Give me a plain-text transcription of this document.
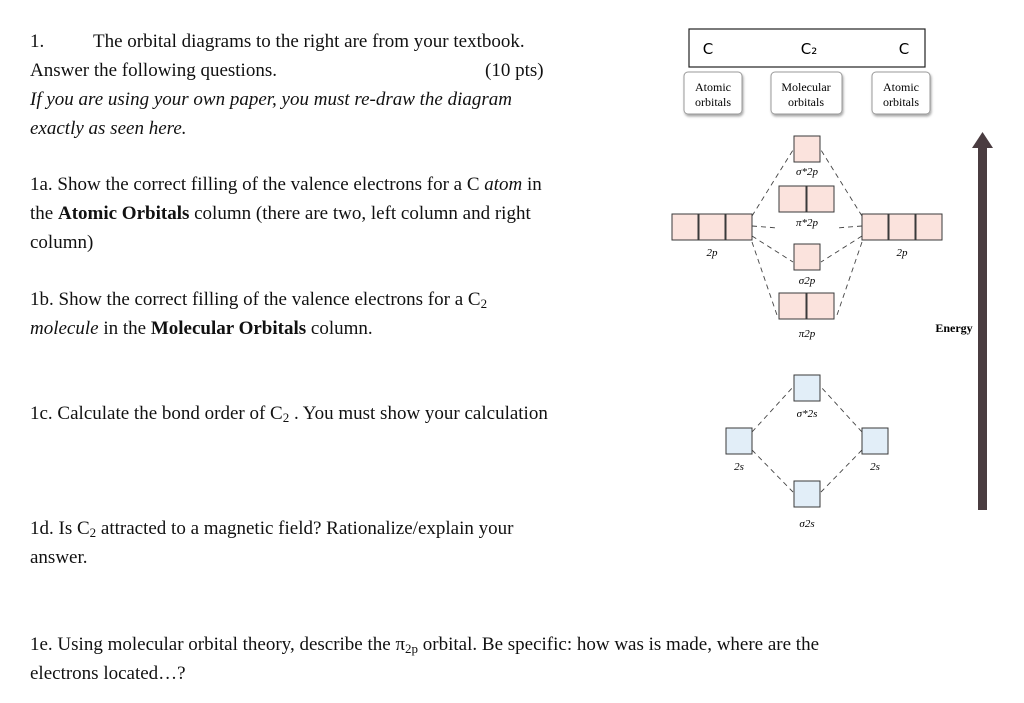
1.	The orbital diagrams to the right are from your textbook.
Answer the following questions.	(10 pts)
If you are using your own paper, you must re-draw the diagram
exactly as seen here.
1a. Show the correct filling of the valence electrons for a C atom in
the Atomic Orbitals column (there are two, left column and right
column)
1b. Show the correct filling of the valence electrons for a $C_2$
molecule in the Molecular Orbitals column.
1c. Calculate the bond order of $C_2$ . You must show your calculation
1d. Is $C_2$ attracted to a magnetic field? Rationalize/explain your
answer.
1e. Using molecular orbital theory, describe the $\pi_{2p}$ orbital. Be specific: how was is made, where are the
electrons located…?
C	C₂	C
Atomic
orbitals
Molecular
orbitals
Atomic
orbitals
2p	2p
σ*2p
π*2p
σ2p
π2p
σ*2s
σ2s
2s	2s
Energy
